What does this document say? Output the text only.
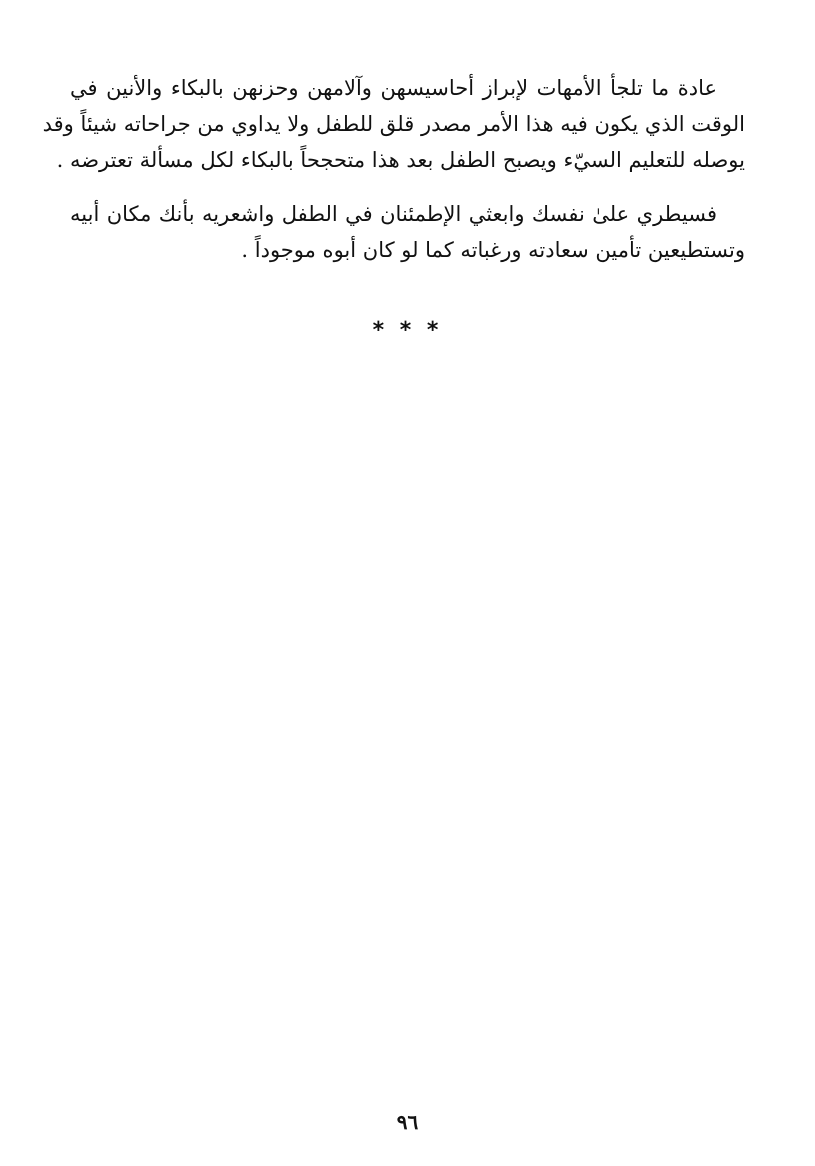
عادة ما تلجأ الأمهات لإبراز أحاسيسهن وآلامهن وحزنهن بالبكاء والأنين في
الوقت الذي يكون فيه هذا الأمر مصدر قلق للطفل ولا يداوي من جراحاته شيئاً وقد
يوصله للتعليم السيّء ويصبح الطفل بعد هذا متحجحاً بالبكاء لكل مسألة تعترضه .
فسيطري علىٰ نفسك وابعثي الإطمئنان في الطفل واشعريه بأنك مكان أبيه
وتستطيعين تأمين سعادته ورغباته كما لو كان أبوه موجوداً .
* * *
٩٦
